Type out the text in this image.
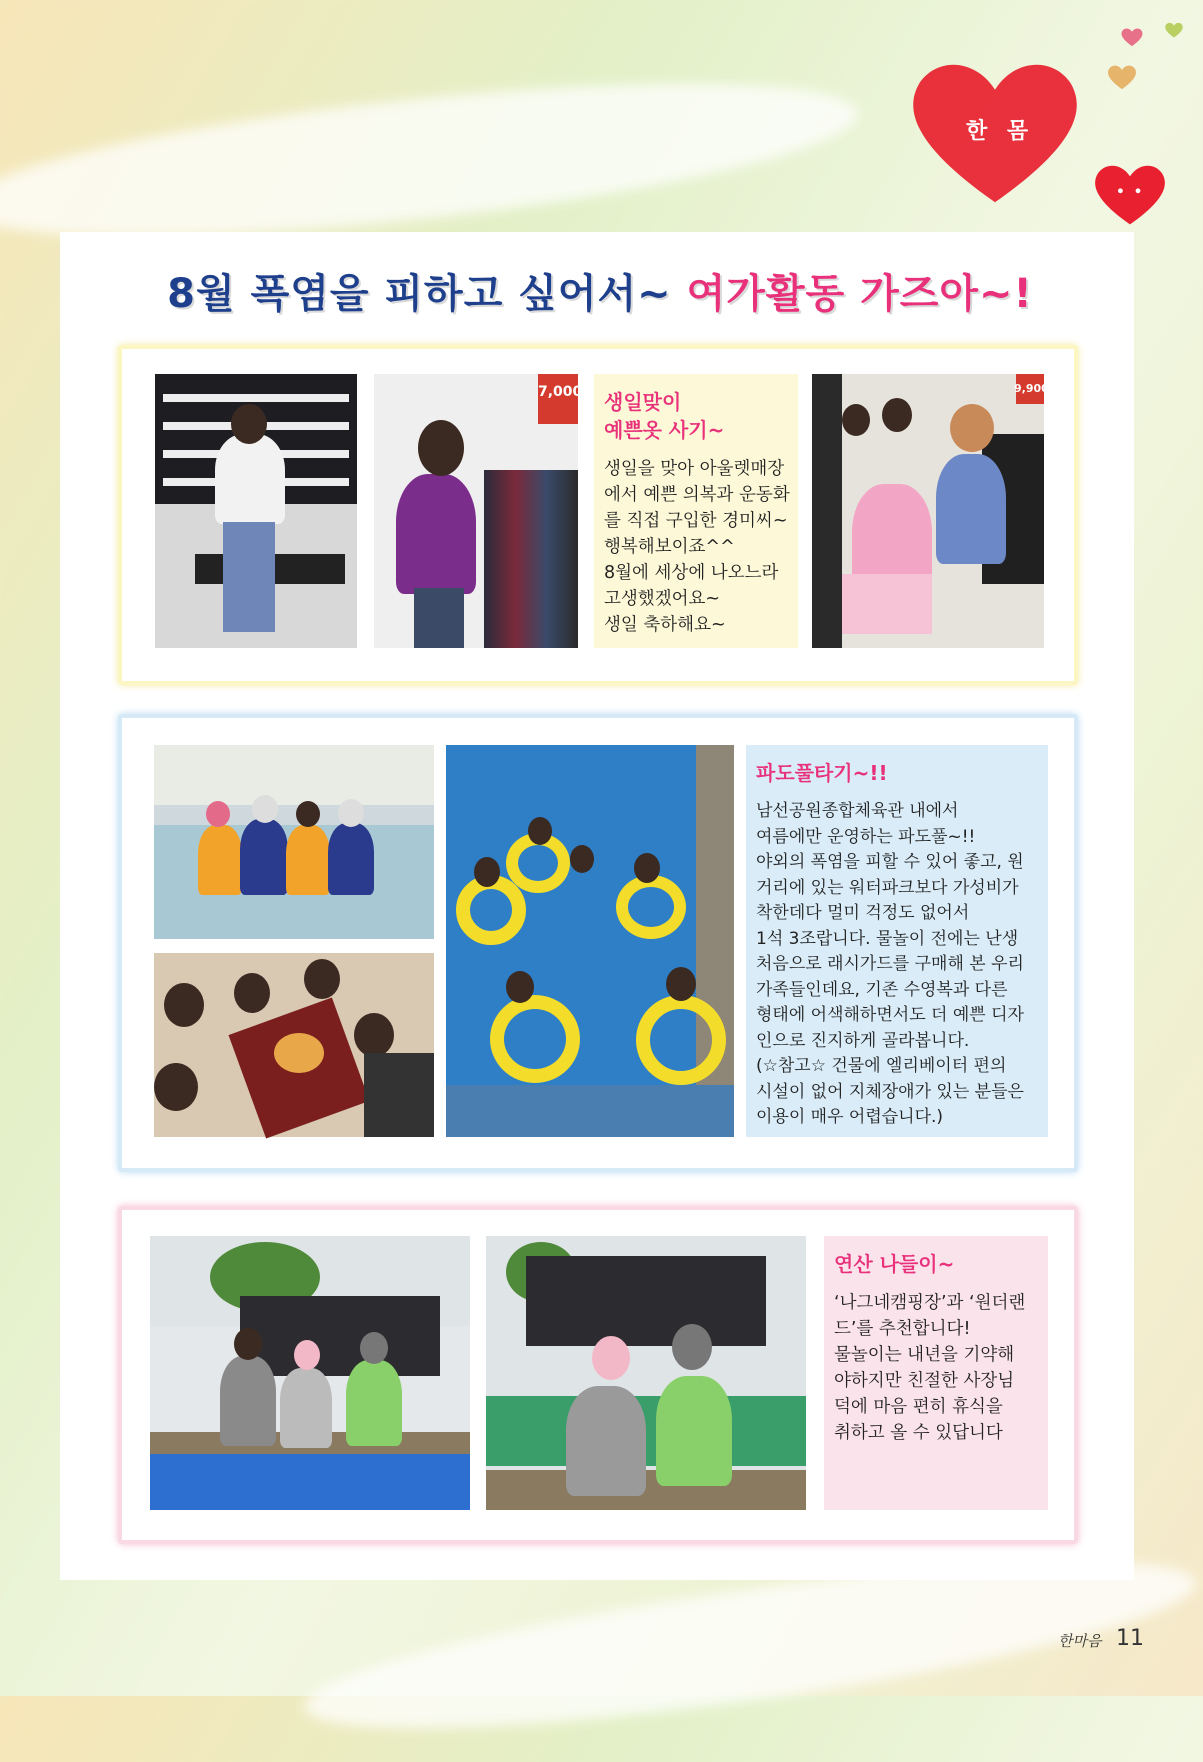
한 몸
8월 폭염을 피하고 싶어서~ 여가활동 가즈아~!
7,000 생일맞이
예쁜옷 사기~
생일을 맞아 아울렛매장
에서 예쁜 의복과 운동화
를 직접 구입한 경미씨~
행복해보이죠^^
8월에 세상에 나오느라
고생했겠어요~
생일 축하해요~
9,900
파도풀타기~!!
남선공원종합체육관 내에서
여름에만 운영하는 파도풀~!!
야외의 폭염을 피할 수 있어 좋고, 원
거리에 있는 워터파크보다 가성비가
착한데다 멀미 걱정도 없어서
1석 3조랍니다. 물놀이 전에는 난생
처음으로 래시가드를 구매해 본 우리
가족들인데요, 기존 수영복과 다른
형태에 어색해하면서도 더 예쁜 디자
인으로 진지하게 골라봅니다.
(☆참고☆ 건물에 엘리베이터 편의
시설이 없어 지체장애가 있는 분들은
이용이 매우 어렵습니다.)
연산 나들이~
‘나그네캠핑장’과 ‘원더랜
드’를 추천합니다!
물놀이는 내년을 기약해
야하지만 친절한 사장님
덕에 마음 편히 휴식을
취하고 올 수 있답니다
한마음 11
